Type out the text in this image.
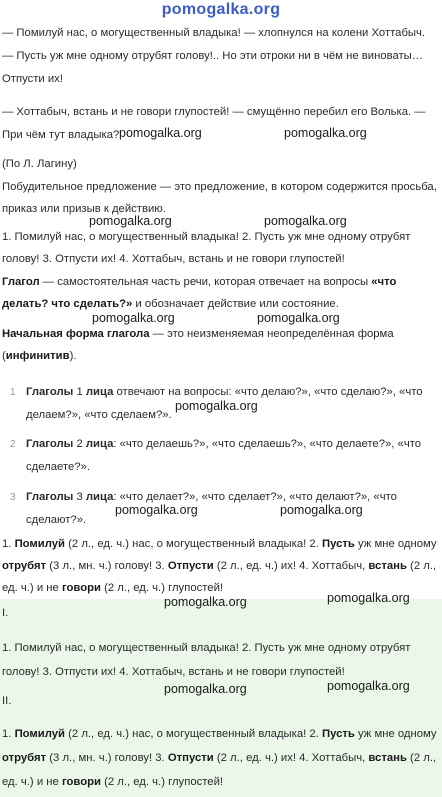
pomogalka.org
— Помилуй нас, о могущественный владыка! — хлопнулся на колени Хоттабыч.
— Пусть уж мне одному отрубят голову!.. Но эти отроки ни в чём не виноваты…
Отпусти их!
— Хоттабыч, встань и не говори глупостей! — смущённо перебил его Волька. —
При чём тут владыка? pomogalka.org	pomogalka.org
(По Л. Лагину)
Побудительное предложение — это предложение, в котором содержится просьба, приказ или призыв к действию.
pomogalka.org	pomogalka.org
1. Помилуй нас, о могущественный владыка! 2. Пусть уж мне одному отрубят голову! 3. Отпусти их! 4. Хоттабыч, встань и не говори глупостей!
Глагол — самостоятельная часть речи, которая отвечает на вопросы «что делать? что сделать?» и обозначает действие или состояние.
pomogalka.org	pomogalka.org
Начальная форма глагола — это неизменяемая неопределённая форма (инфинитив).
1 Глаголы 1 лица отвечают на вопросы: «что делаю?», «что сделаю?», «что делаем?», «что сделаем?».
pomogalka.org
2 Глаголы 2 лица: «что делаешь?», «что сделаешь?», «что делаете?», «что сделаете?».
3 Глаголы 3 лица: «что делает?», «что сделает?», «что делают?», «что сделают?».
pomogalka.org	pomogalka.org
1. Помилуй (2 л., ед. ч.) нас, о могущественный владыка! 2. Пусть уж мне одному отрубят (3 л., мн. ч.) голову! 3. Отпусти (2 л., ед. ч.) их! 4. Хоттабыч, встань (2 л., ед. ч.) и не говори (2 л., ед. ч.) глупостей!
pomogalka.org	pomogalka.org
I.
1. Помилуй нас, о могущественный владыка! 2. Пусть уж мне одному отрубят голову! 3. Отпусти их! 4. Хоттабыч, встань и не говори глупостей!
pomogalka.org	pomogalka.org
II.
1. Помилуй (2 л., ед. ч.) нас, о могущественный владыка! 2. Пусть уж мне одному отрубят (3 л., мн. ч.) голову! 3. Отпусти (2 л., ед. ч.) их! 4. Хоттабыч, встань (2 л., ед. ч.) и не говори (2 л., ед. ч.) глупостей!
